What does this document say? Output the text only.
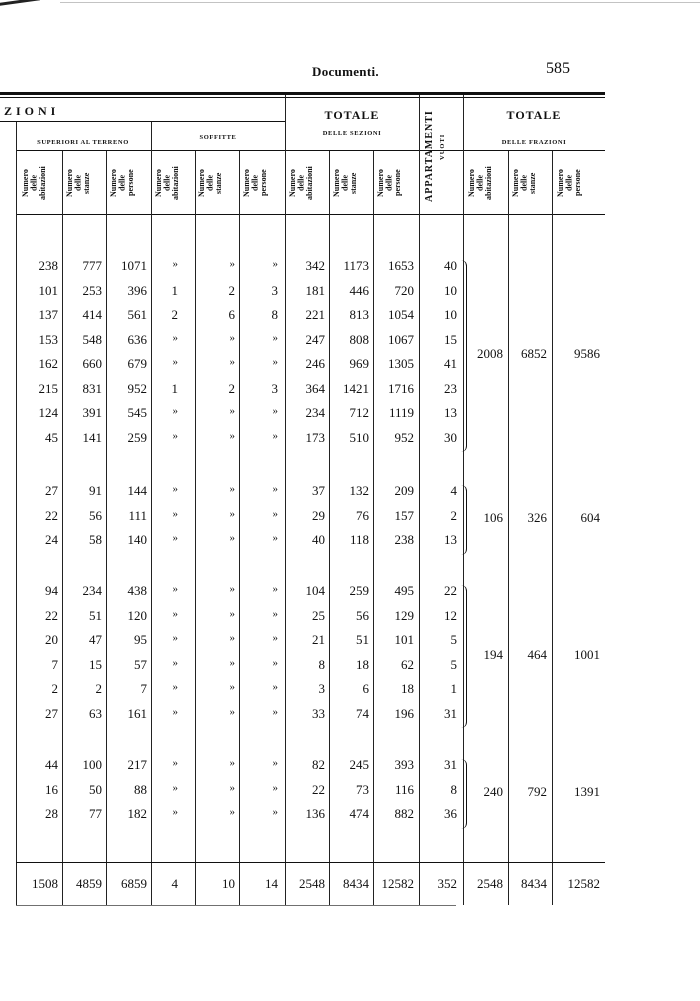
Documenti.	585
ZIONI	TOTALE	TOTALE
SUPERIORI AL TERRENO
SOFFITTE
DELLE SEZIONI
DELLE FRAZIONI
APPARTAMENTI VUOTI
Numero
delle
abitazioni Numero
delle
stanze Numero
delle
persone Numero
delle
abitazioni Numero
delle
stanze Numero
delle
persone	Numero
delle
abitazioni Numero
delle
stanze Numero
delle
persone	Numero
delle
abitazioni Numero
delle
stanze Numero
delle
persone
238	777	1071	»	»	»	342	1173	1653	40
101	253	396	1	2	3	181	446	720	10
137	414	561	2	6	8	221	813	1054	10
153	548	636	»	»	»	247	808	1067	15
162	660	679	»	»	»	246	969	1305	41
215	831	952	1	2	3	364	1421	1716	23
124	391	545	»	»	»	234	712	1119	13
45	141	259	»	»	»	173	510	952	30
2008	6852	9586
27	91	144	»	»	»	37	132	209	4
22	56	111	»	»	»	29	76	157	2
24	58	140	»	»	»	40	118	238	13
106	326	604
94	234	438	»	»	»	104	259	495	22
22	51	120	»	»	»	25	56	129	12
20	47	95	»	»	»	21	51	101	5
7	15	57	»	»	»	8	18	62	5
2	2	7	»	»	»	3	6	18	1
27	63	161	»	»	»	33	74	196	31
194	464	1001
44	100	217	»	»	»	82	245	393	31
16	50	88	»	»	»	22	73	116	8
28	77	182	»	»	»	136	474	882	36
240	792	1391
1508	4859	6859	4	10	14	2548	8434 12582	352	2548	8434	12582
